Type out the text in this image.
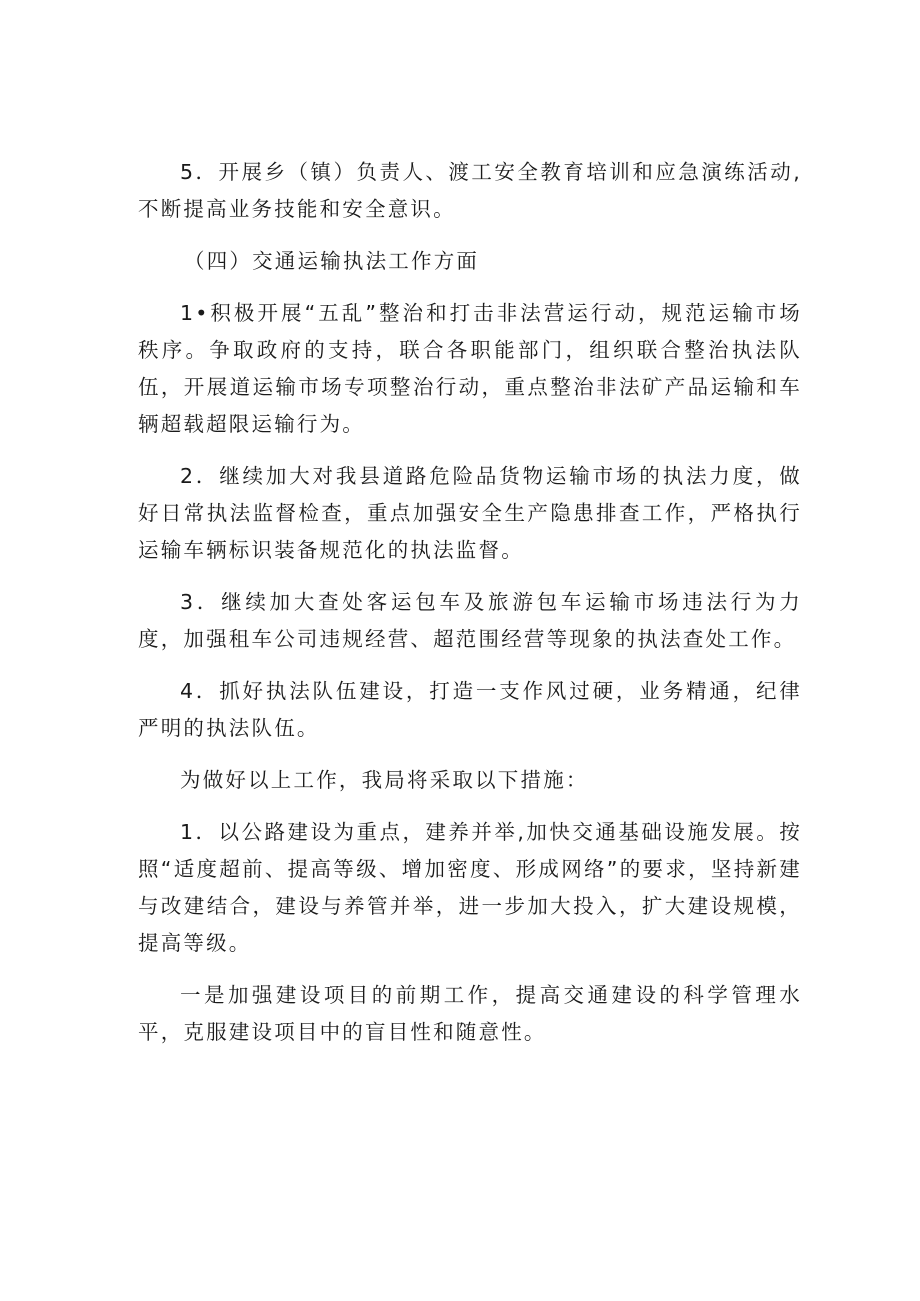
5．开展乡（镇）负责人、渡工安全教育培训和应急演练活动,不断提高业务技能和安全意识。

（四）交通运输执法工作方面

1•积极开展“五乱”整治和打击非法营运行动，规范运输市场秩序。争取政府的支持，联合各职能部门，组织联合整治执法队伍，开展道运输市场专项整治行动，重点整治非法矿产品运输和车辆超载超限运输行为。

2．继续加大对我县道路危险品货物运输市场的执法力度，做好日常执法监督检查，重点加强安全生产隐患排查工作，严格执行运输车辆标识装备规范化的执法监督。

3．继续加大查处客运包车及旅游包车运输市场违法行为力度，加强租车公司违规经营、超范围经营等现象的执法查处工作。

4．抓好执法队伍建设，打造一支作风过硬，业务精通，纪律严明的执法队伍。

为做好以上工作，我局将采取以下措施：

1．以公路建设为重点，建养并举,加快交通基础设施发展。按照“适度超前、提高等级、增加密度、形成网络”的要求，坚持新建与改建结合，建设与养管并举，进一步加大投入，扩大建设规模，提高等级。

一是加强建设项目的前期工作，提高交通建设的科学管理水平，克服建设项目中的盲目性和随意性。
